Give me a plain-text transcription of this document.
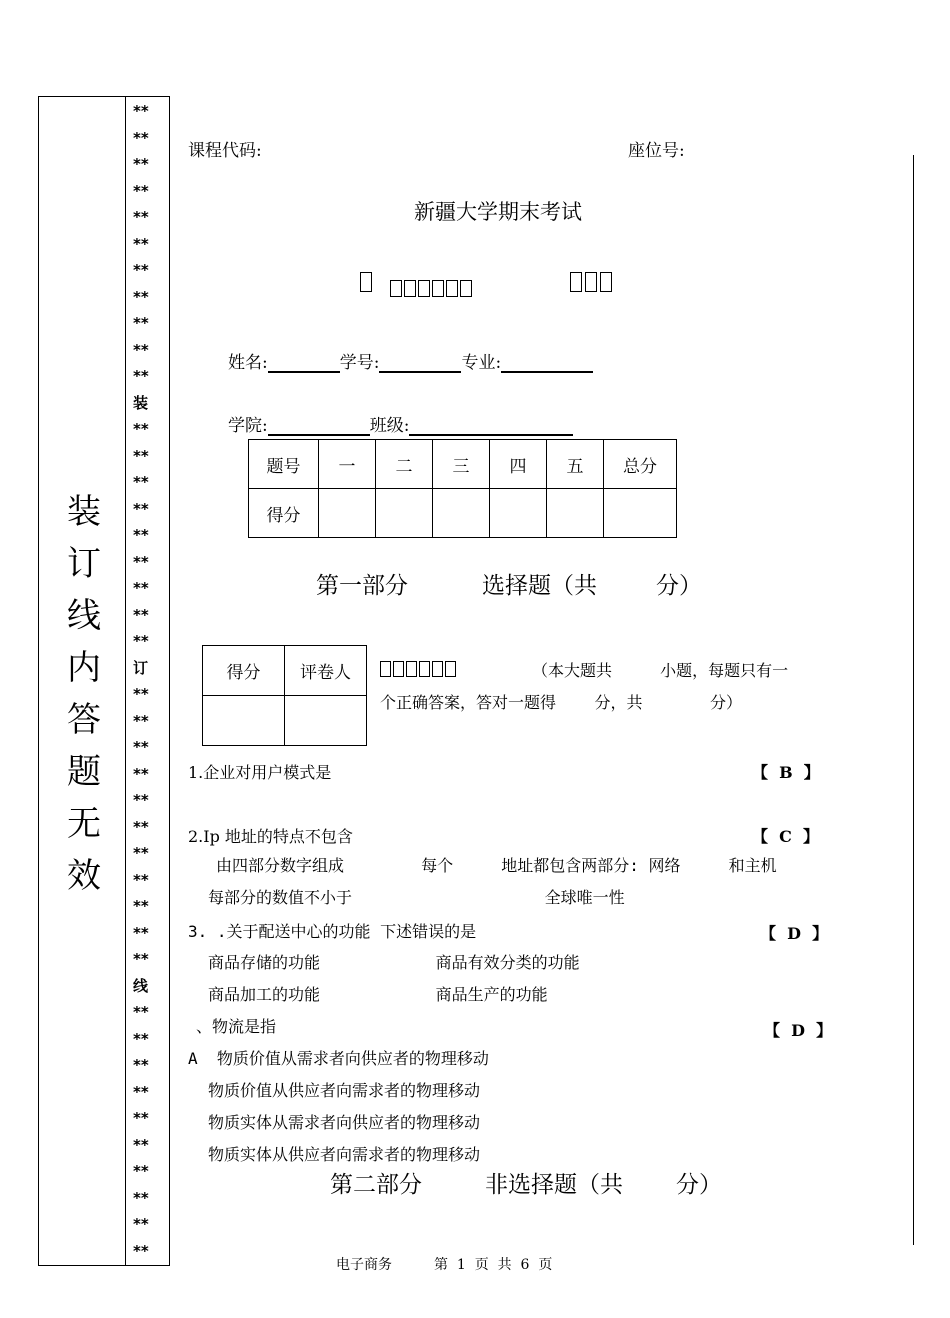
装
订
线
内
答
题
无
效
**
**
**
**
**
**
**
**
**
**
**
装
**
**
**
**
**
**
**
**
**
订
**
**
**
**
**
**
**
**
**
**
**
线
**
**
**
**
**
**
**
**
**
**
课程代码:	座位号:
新疆大学期末考试
姓名:	学号:	专业:
学院:	班级:
题号	一	二	三	四	五	总分
得分						
第一部分	选择题（共	分）
得分	评卷人
		（本大题共     小题，每题只有一
个正确答案，答对一题得    分，共       分）
1.企业对用户模式是	【  B  】
2.Ip 地址的特点不包含	【  C  】
由四部分数字组成        每个     地址都包含两部分: 网络     和主机
每部分的数值不小于                    全球唯一性
3. .关于配送中心的功能 下述错误的是	【  D  】
商品存储的功能            商品有效分类的功能
商品加工的功能            商品生产的功能
、物流是指	【  D  】
A  物质价值从需求者向供应者的物理移动
物质价值从供应者向需求者的物理移动
物质实体从需求者向供应者的物理移动
物质实体从供应者向需求者的物理移动
第二部分	非选择题（共 分）
电子商务	第  1  页  共  6  页
